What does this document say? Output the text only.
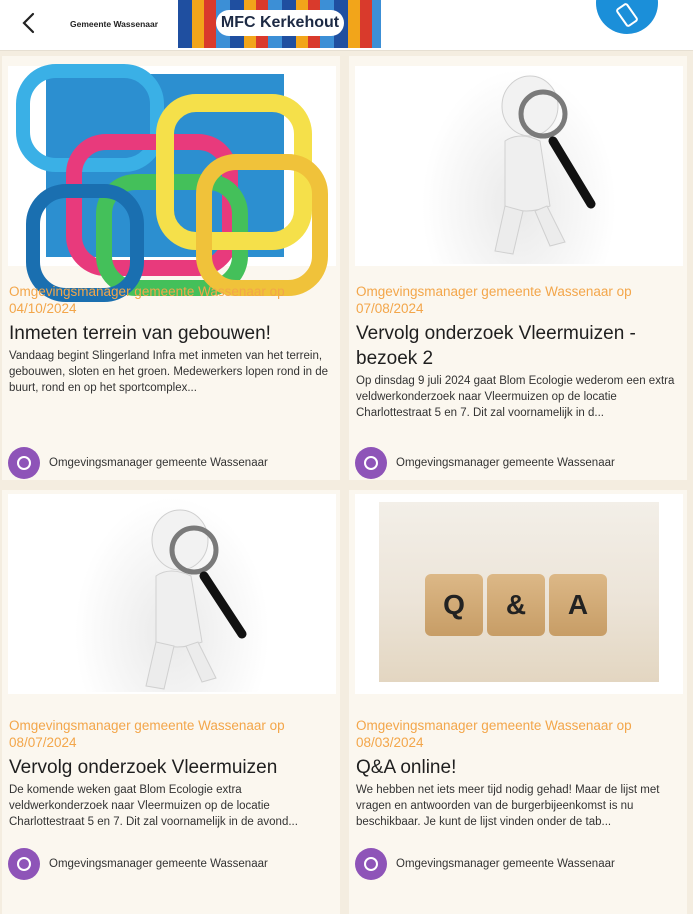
Gemeente Wassenaar	MFC Kerkehout
Omgevingsmanager gemeente Wassenaar op 04/10/2024
Inmeten terrein van gebouwen!
Vandaag begint Slingerland Infra met inmeten van het terrein, gebouwen, sloten en het groen. Medewerkers lopen rond in de buurt, rond en op het sportcomplex...
Omgevingsmanager gemeente Wassenaar
Omgevingsmanager gemeente Wassenaar op 07/08/2024
Vervolg onderzoek Vleermuizen - bezoek 2
Op dinsdag 9 juli 2024 gaat Blom Ecologie wederom een extra veldwerkonderzoek naar Vleermuizen op de locatie Charlottestraat 5 en 7. Dit zal voornamelijk in d...
Omgevingsmanager gemeente Wassenaar
Omgevingsmanager gemeente Wassenaar op 08/07/2024
Vervolg onderzoek Vleermuizen
De komende weken gaat Blom Ecologie extra veldwerkonderzoek naar Vleermuizen op de locatie Charlottestraat 5 en 7. Dit zal voornamelijk in de avond...
Omgevingsmanager gemeente Wassenaar
Q	&	A
Omgevingsmanager gemeente Wassenaar op 08/03/2024
Q&A online!
We hebben net iets meer tijd nodig gehad! Maar de lijst met vragen en antwoorden van de burgerbijeenkomst is nu beschikbaar. Je kunt de lijst vinden onder de tab...
Omgevingsmanager gemeente Wassenaar
